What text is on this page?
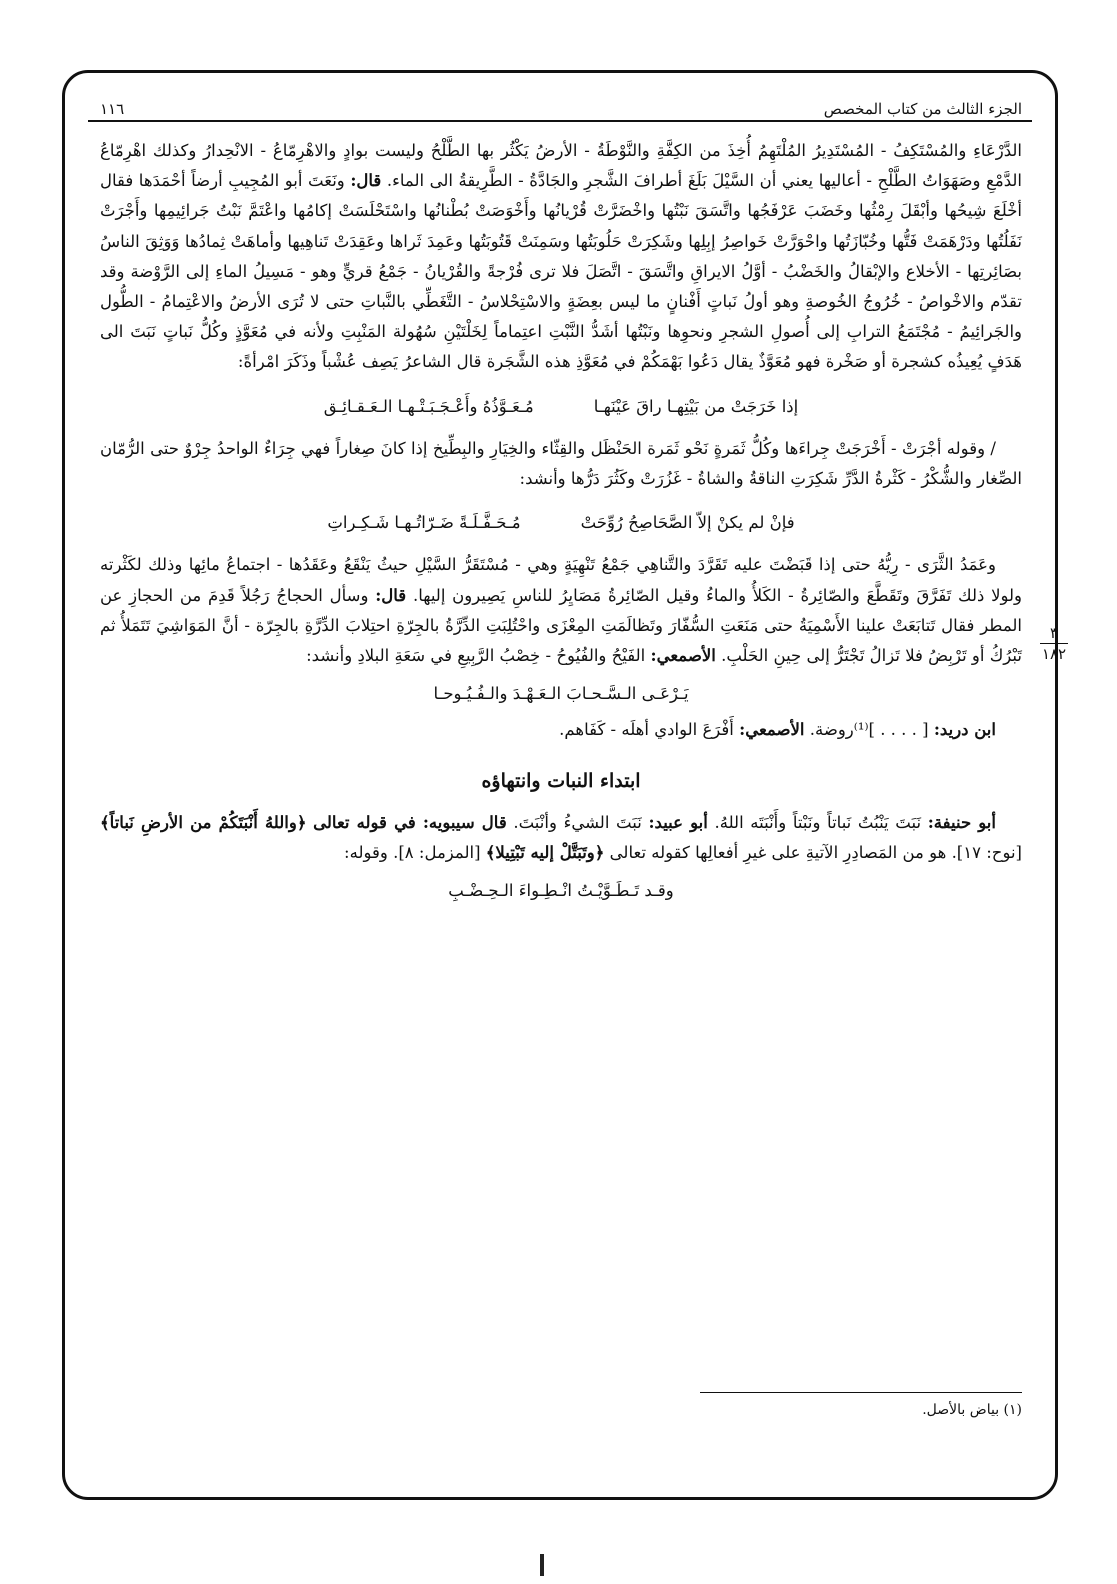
الجزء الثالث من كتاب المخصص
١١٦
٣
١٨٢

الدَّرْعَاءِ والمُسْتَكِفُ - المُسْتَدِيرُ المُلْتَهِمُ أُخِذَ من الكِفَّةِ والنَّوْطَةُ - الأرضُ يَكْثُر بها الطَّلْحُ وليست بوادٍ والاهْرِمّاعُ - الانْحِدارُ وكذلك اهْرِمّاعُ الدَّمْعِ وصَهَوَاتُ الطَّلْحِ - أعاليها يعني أن السَّيْلَ بَلَغَ أطرافَ الشَّجرِ والجَادَّةُ - الطَّرِيقةُ الى الماء. قال: ونَعَتَ أبو المُجِيبِ أرضاً أحْمَدَها فقال أخْلَعَ شِيحُها وأبْقَلَ رِمْثُها وخَضَبَ عَرْفَجُها واتَّسَقَ نَبْتُها واخْضَرَّتْ قُرْيانُها وأَخْوَصَتْ بُطْنانُها واسْتَحْلَسَتْ إكامُها واعْتَمَّ نَبْتُ جَرائِيمِها وأَجْرَتْ نَفَلُتُها ودَرْهَمَتْ فَتُّها وخُبّازَتُها واحْوَرَّتْ خَواصِرُ إبِلِها وشَكِرَتْ حَلُوبَتُها وسَمِنَتْ قَتُوبَتُها وعَمِدَ ثَراها وعَقِدَتْ تَناهِيها وأماهَتْ ثِمادُها وَوَثِقَ الناسُ بصَائِرتِها - الأخلاع والإبْقالُ والخَضْبُ - أوَّلُ الايراقِ واتَّسَقَ - اتَّصَلَ فلا ترى فُرْجةً والقُرْيانُ - جَمْعُ قريٍّ وهو - مَسِيلُ الماءِ إلى الرَّوْضة وقد تقدّم والاخْواصُ - خُرُوجُ الخُوصةِ وهو أولُ نَباتٍ أَفْنانٍ ما ليس بعِضَةٍ والاسْتِحْلاسُ - التَّغَطِّي بالنَّباتِ حتى لا تُرَى الأرضُ والاعْتِمامُ - الطُّول والجَرائِيمُ - مُجْتَمَعُ الترابِ إلى أُصولِ الشجرِ ونحوِها ونَبْتُها أشَدُّ النَّبْتِ اعتِماماً لِخَلْتَيْنِ سُهُولة المَنْبِتِ ولأنه في مُعَوَّذٍ وكُلُّ نَباتٍ نَبَتَ الى هَدَفٍ يُعِيذُه كشجرة أو صَخْرة فهو مُعَوَّذٌ يقال دَعُوا بَهْمَكُمْ في مُعَوَّذِ هذه الشَّجَرة قال الشاعرُ يَصِف عُشْباً وذَكَرَ امْرأةً:

إذا خَرَجَتْ من بَيْتِهـا راقَ عَيْنَهـا
مُـعَـوَّذُهُ وأَعْـجَـبَـتْـهـا الـعَـقـائِـق

/ وقوله أجْرَتْ - أَخْرَجَتْ جِراءَها وكُلُّ ثَمَرةٍ نَحْو ثَمَرة الحَنْظَل والقِثّاء والخِيَارِ والبِطِّيخ إذا كانَ صِغاراً فهي جِرَاءٌ الواحدُ جِرْوٌ حتى الرُّمّان الصِّغار والشُّكْرُ - كَثْرةُ الدَّرِّ شَكِرَتِ الناقةُ والشاةُ - غَزُرَتْ وكَثُرَ دَرُّها وأنشد:

فإنْ لم يكنْ إلاّ الصَّحَاصِحُ رُوِّحَتْ
مُـحَـفَّـلَـةً ضَـرّاتُـهـا شَـكِـراتِ

وعَمَدُ الثَّرَى - رِيُّهُ حتى إذا قَبَضْتَ عليه تَقَرَّدَ والتَّناهِي جَمْعُ تَنْهِيَةٍ وهي - مُسْتَقَرُّ السَّيْلِ حيثُ يَنْقَعُ وعَقَدُها - اجتماعُ مائِها وذلك لكَثْرته ولولا ذلك تَفَرَّقَ وتَقَطَّعَ والصّائِرةُ - الكَلأُ والماءُ وقيل الصّائِرةُ مَصَايِرُ للناسِ يَصِيرون إليها. قال: وسأل الحجاجُ رَجُلاً قَدِمَ من الحجازِ عن المطر فقال تَتابَعَتْ علينا الأَسْمِيَةُ حتى مَنَعَتِ السُّفّارَ وتَظالَمَتِ المِعْزَى واحْتُلِبَتِ الدِّرَّةُ بالجِرّةِ احتِلابَ الدِّرَّةِ بالجِرّة - أنَّ المَوَاشِيَ تَتَمَلأُ ثم تَبْرُكُ أو تَرْبِضُ فلا تَزالُ تَجْتَرُّ إلى حِينِ الحَلْبِ. الأصمعي: الفَيْحُ والفُيُوحُ - خِصْبُ الرَّبِيعِ في سَعَةِ البلادِ وأنشد:

يَـرْعَـى الـسَّـحـابَ الـعَـهْـدَ والـفُـيُـوحـا

ابن دريد: [ . . . . ]⁽¹⁾روضة. الأصمعي: أَفْرَعَ الوادي أهلَه - كَفَاهم.

ابتداء النبات وانتهاؤه

أبو حنيفة: نَبَتَ يَنْبُتُ نَباتاً ونَبْتاً وأَنْبَتَه اللهُ. أبو عبيد: نَبَتَ الشيءُ وأنْبَتَ. قال سيبويه: في قوله تعالى ﴿واللهُ أَنْبَتَكُمْ من الأرضِ نَباتاً﴾ [نوح: ١٧]. هو من المَصادِرِ الآتيةِ على غيرِ أفعالِها كقوله تعالى ﴿وتَبَتَّلْ إليه تَبْتِيلا﴾ [المزمل: ٨]. وقوله:

وقـد تَـطَـوَّيْـتُ انْـطِـواءَ الـحِـضْـبِ
(١) بياض بالأصل.
